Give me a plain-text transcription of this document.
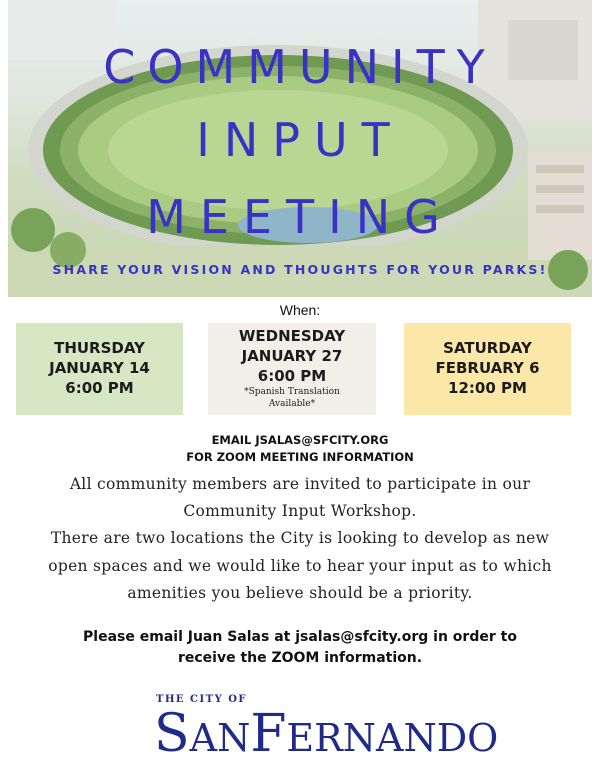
COMMUNITY
INPUT
MEETING
SHARE YOUR VISION AND THOUGHTS FOR YOUR PARKS!
When:
THURSDAY
JANUARY 14
6:00 PM
WEDNESDAY
JANUARY 27
6:00 PM
*Spanish Translation
Available*
SATURDAY
FEBRUARY 6
12:00 PM
EMAIL JSALAS@SFCITY.ORG
FOR ZOOM MEETING INFORMATION

All community members are invited to participate in our

Community Input Workshop.

There are two locations the City is looking to develop as new

open spaces and we would like to hear your input as to which

amenities you believe should be a priority.

Please email Juan Salas at jsalas@sfcity.org in order to
receive the ZOOM information.
THE CITY OF
SANFERNANDO
